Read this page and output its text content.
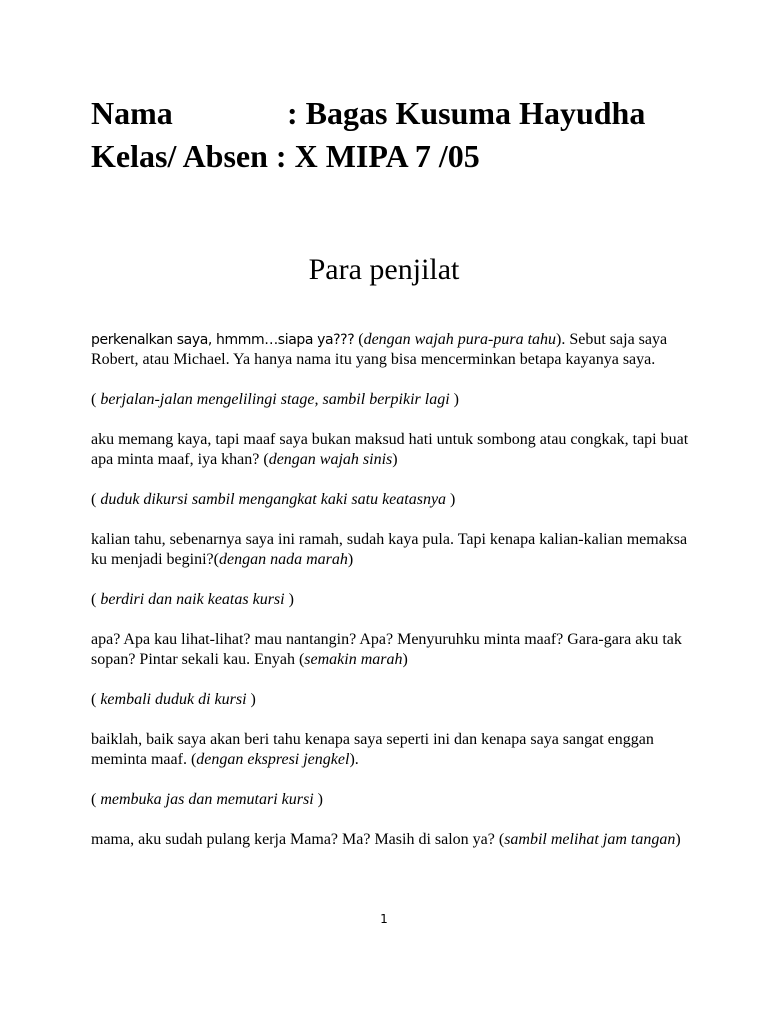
Nama	: Bagas Kusuma Hayudha
Kelas/ Absen
: X MIPA 7 /05
Para penjilat

perkenalkan saya, hmmm…siapa ya??? (dengan wajah pura-pura tahu). Sebut saja saya Robert, atau Michael. Ya hanya nama itu yang bisa mencerminkan betapa kayanya saya.

( berjalan-jalan mengelilingi stage, sambil berpikir lagi )

aku memang kaya, tapi maaf saya bukan maksud hati untuk sombong atau congkak, tapi buat apa minta maaf, iya khan? (dengan wajah sinis)

( duduk dikursi sambil mengangkat kaki satu keatasnya )

kalian tahu, sebenarnya saya ini ramah, sudah kaya pula. Tapi kenapa kalian-kalian memaksa ku menjadi begini?(dengan nada marah)

( berdiri dan naik keatas kursi )

apa? Apa kau lihat-lihat? mau nantangin? Apa? Menyuruhku minta maaf? Gara-gara aku tak sopan? Pintar sekali kau. Enyah (semakin marah)

( kembali duduk di kursi )

baiklah, baik saya akan beri tahu kenapa saya seperti ini dan kenapa saya sangat enggan meminta maaf. (dengan ekspresi jengkel).

( membuka jas dan memutari kursi )

mama, aku sudah pulang kerja Mama? Ma? Masih di salon ya? (sambil melihat jam tangan)

1
